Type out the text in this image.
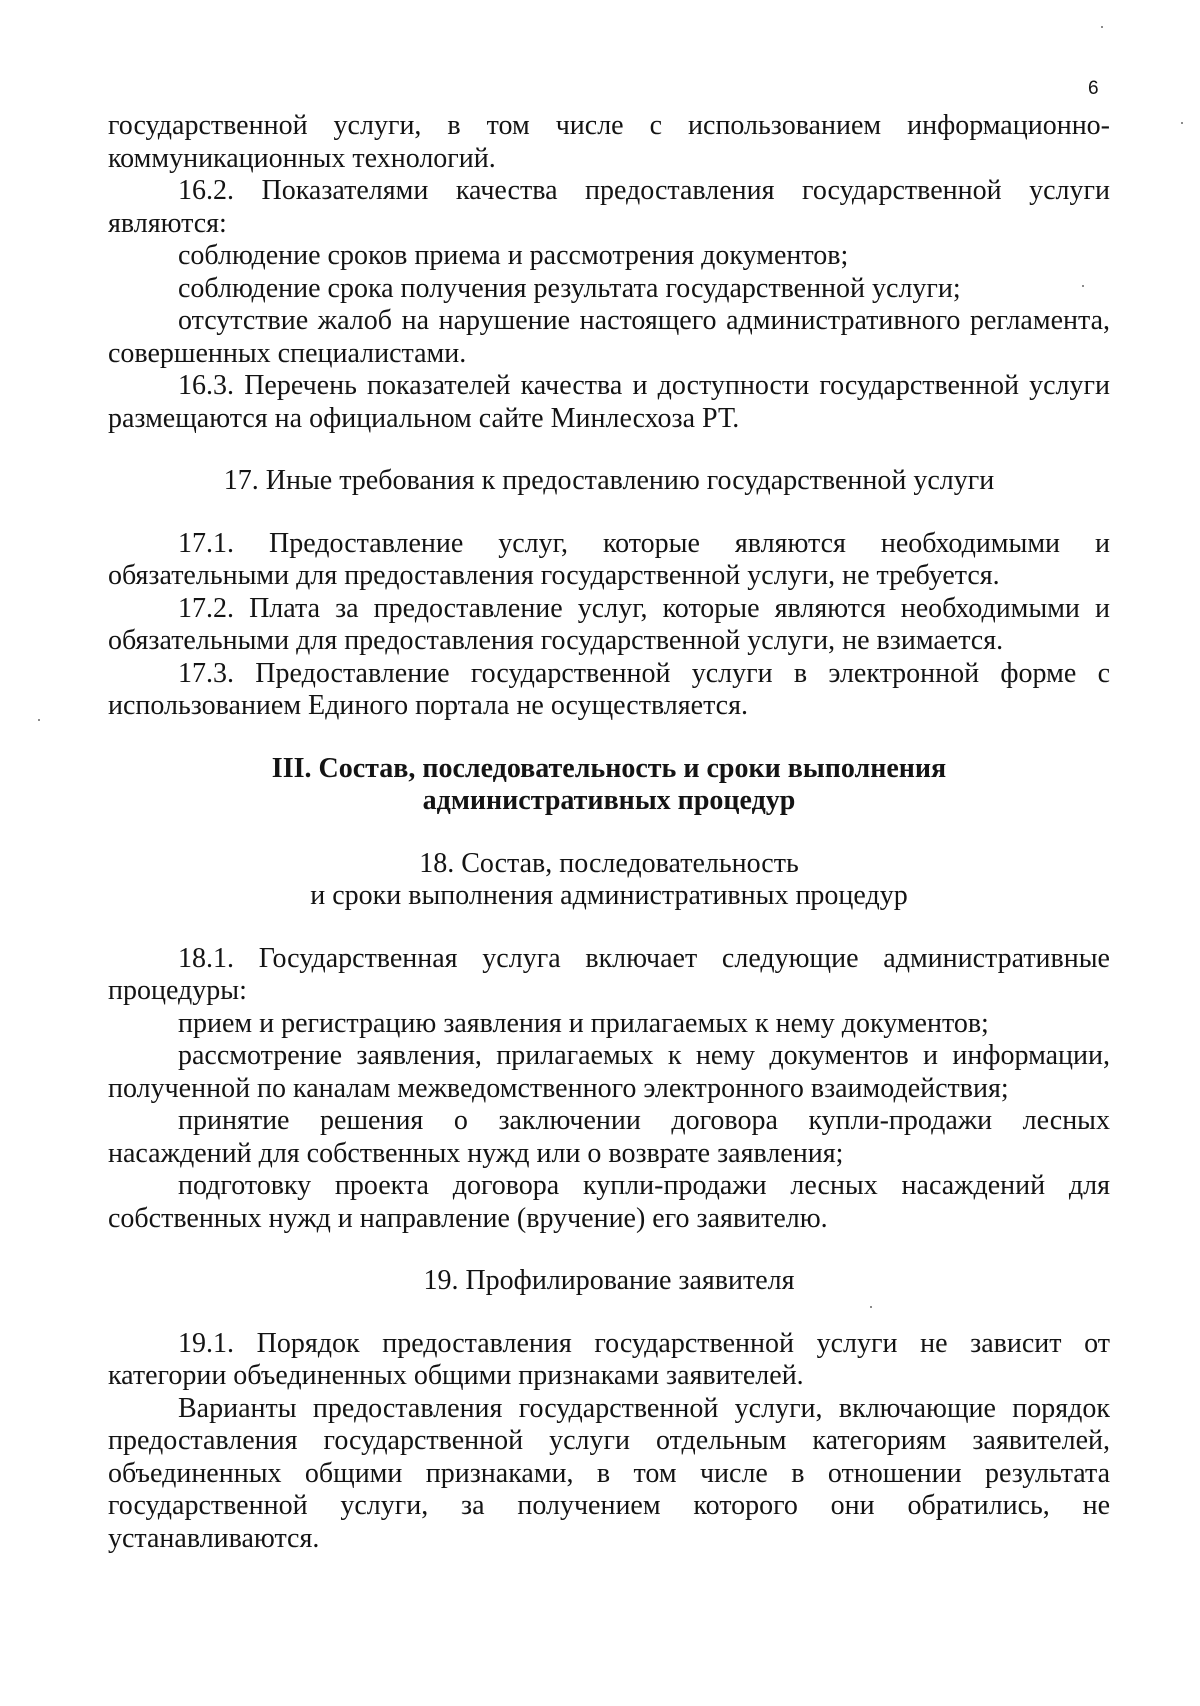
6

государственной услуги, в том числе с использованием информационно-коммуникационных технологий.

16.2. Показателями качества предоставления государственной услуги являются:

соблюдение сроков приема и рассмотрения документов;

соблюдение срока получения результата государственной услуги;

отсутствие жалоб на нарушение настоящего административного регламента, совершенных специалистами.

16.3. Перечень показателей качества и доступности государственной услуги размещаются на официальном сайте Минлесхоза РТ.

17. Иные требования к предоставлению государственной услуги

17.1. Предоставление услуг, которые являются необходимыми и обязательными для предоставления государственной услуги, не требуется.

17.2. Плата за предоставление услуг, которые являются необходимыми и обязательными для предоставления государственной услуги, не взимается.

17.3. Предоставление государственной услуги в электронной форме с использованием Единого портала не осуществляется.

III. Состав, последовательность и сроки выполнения

административных процедур

18. Состав, последовательность

и сроки выполнения административных процедур

18.1. Государственная услуга включает следующие административные процедуры:

прием и регистрацию заявления и прилагаемых к нему документов;

рассмотрение заявления, прилагаемых к нему документов и информации, полученной по каналам межведомственного электронного взаимодействия;

принятие решения о заключении договора купли-продажи лесных насаждений для собственных нужд или о возврате заявления;

подготовку проекта договора купли-продажи лесных насаждений для собственных нужд и направление (вручение) его заявителю.

19. Профилирование заявителя

19.1. Порядок предоставления государственной услуги не зависит от категории объединенных общими признаками заявителей.

Варианты предоставления государственной услуги, включающие порядок предоставления государственной услуги отдельным категориям заявителей, объединенных общими признаками, в том числе в отношении результата государственной услуги, за получением которого они обратились, не устанавливаются.
